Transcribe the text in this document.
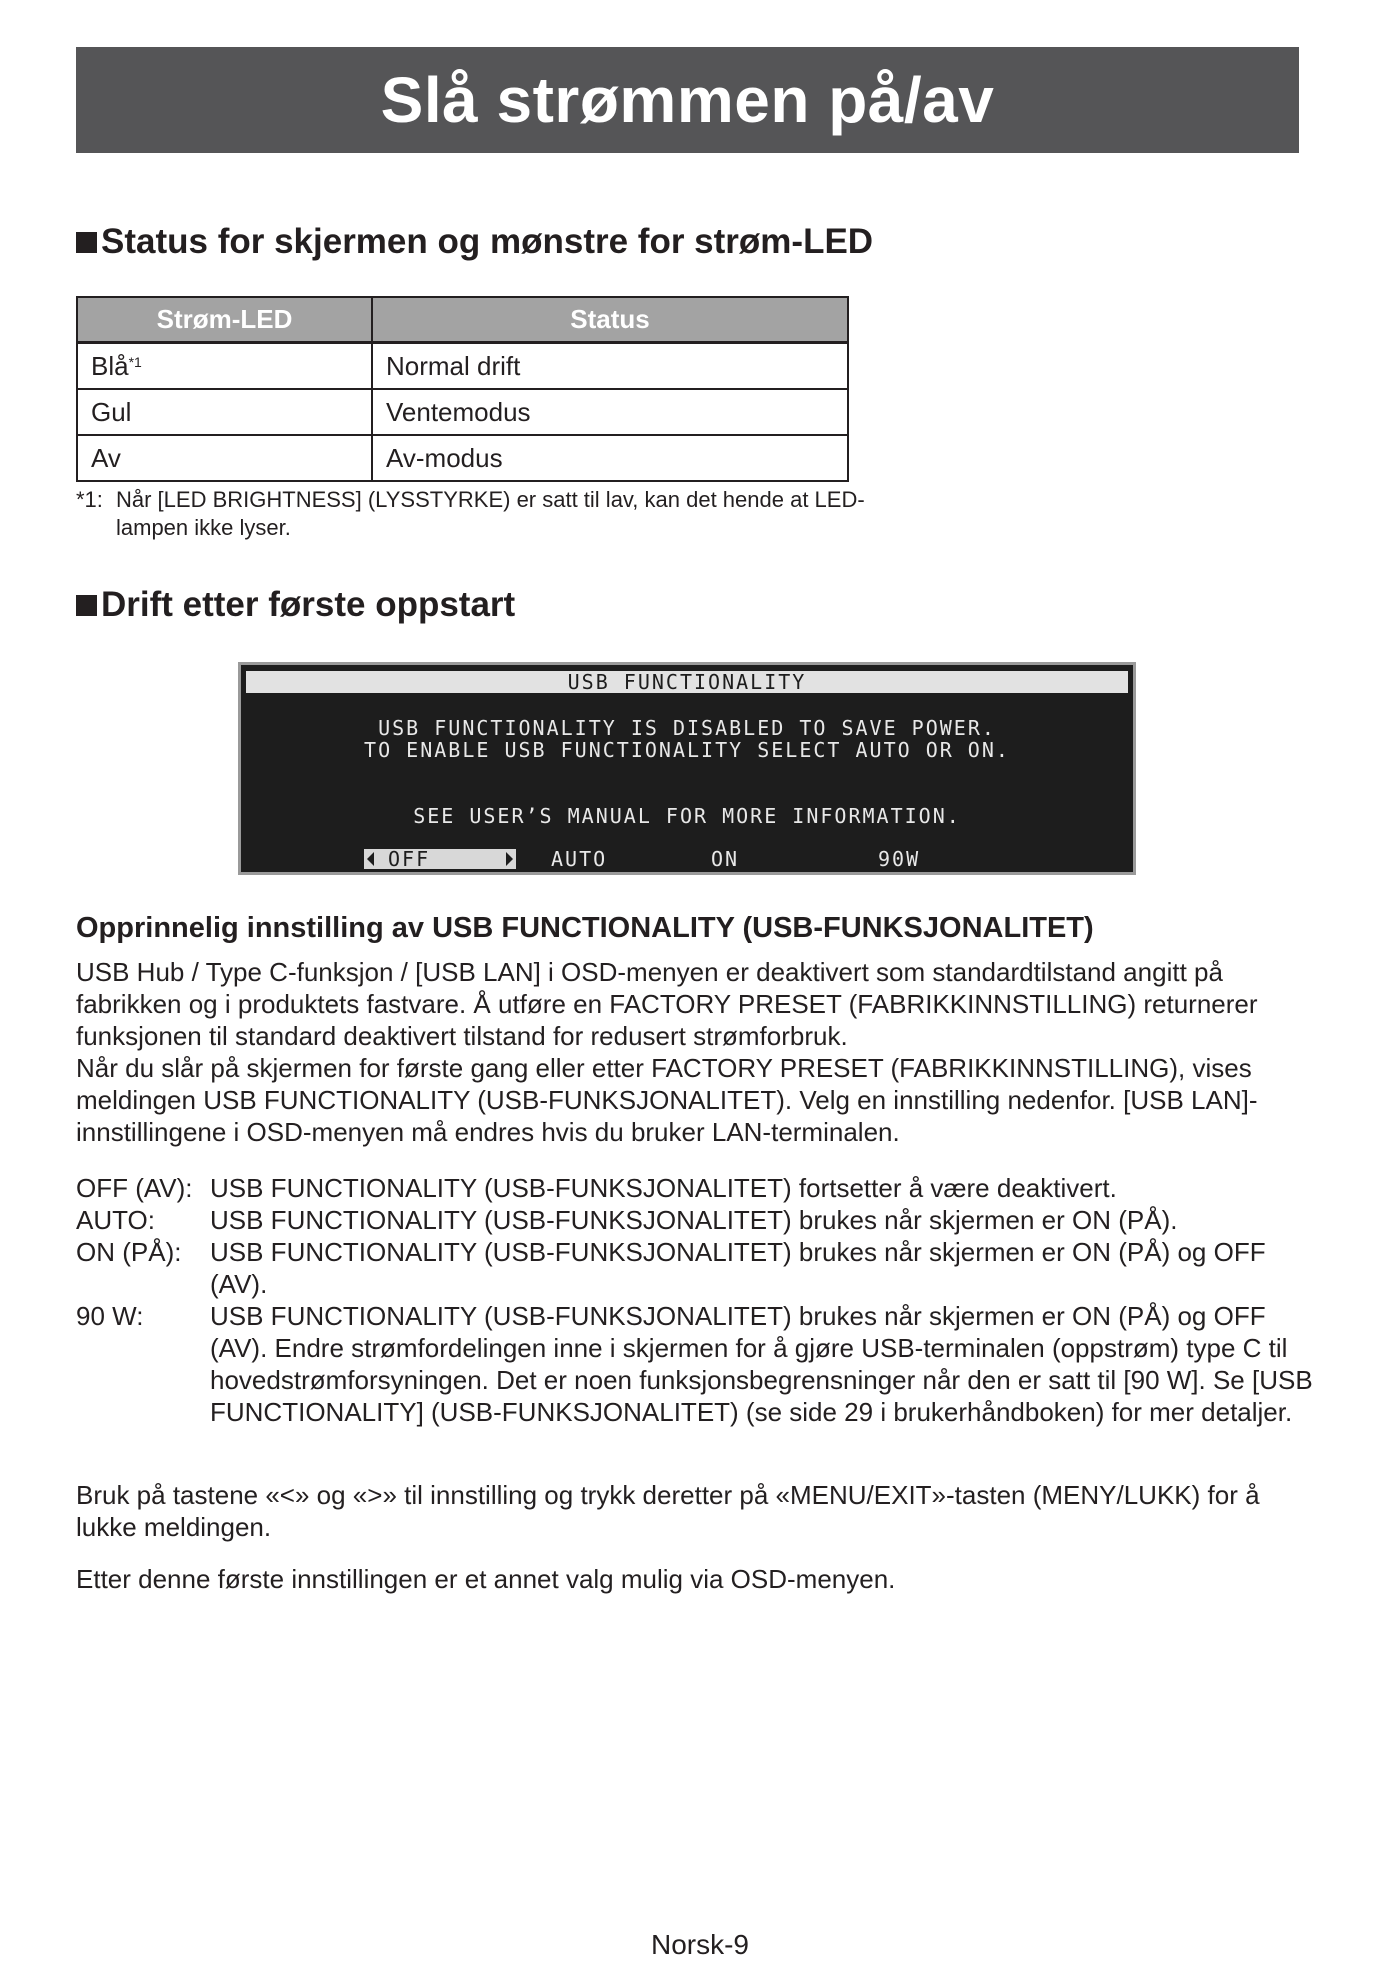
Slå strømmen på/av
Status for skjermen og mønstre for strøm-LED
Strøm-LED	Status
Blå$^{*1}$	Normal drift
Gul	Ventemodus
Av	Av-modus
*1: Når [LED BRIGHTNESS] (LYSSTYRKE) er satt til lav, kan det hende at LED-lampen ikke lyser.
Drift etter første oppstart
USB FUNCTIONALITY
USB FUNCTIONALITY IS DISABLED TO SAVE POWER.
TO ENABLE USB FUNCTIONALITY SELECT AUTO OR ON.
SEE USER’S MANUAL FOR MORE INFORMATION.
OFF	AUTO	ON	90W
Opprinnelig innstilling av USB FUNCTIONALITY (USB-FUNKSJONALITET)

USB Hub / Type C-funksjon / [USB LAN] i OSD-menyen er deaktivert som standardtilstand angitt på fabrikken og i produktets fastvare. Å utføre en FACTORY PRESET (FABRIKKINNSTILLING) returnerer funksjonen til standard deaktivert tilstand for redusert strømforbruk.

Når du slår på skjermen for første gang eller etter FACTORY PRESET (FABRIKKINNSTILLING), vises meldingen USB FUNCTIONALITY (USB-FUNKSJONALITET). Velg en innstilling nedenfor. [USB LAN]-innstillingene i OSD-menyen må endres hvis du bruker LAN-terminalen.

OFF (AV): USB FUNCTIONALITY (USB-FUNKSJONALITET) fortsetter å være deaktivert.
AUTO:	USB FUNCTIONALITY (USB-FUNKSJONALITET) brukes når skjermen er ON (PÅ).
ON (PÅ):	USB FUNCTIONALITY (USB-FUNKSJONALITET) brukes når skjermen er ON (PÅ) og OFF (AV).
90 W:	USB FUNCTIONALITY (USB-FUNKSJONALITET) brukes når skjermen er ON (PÅ) og OFF (AV). Endre strømfordelingen inne i skjermen for å gjøre USB-terminalen (oppstrøm) type C til hovedstrømforsyningen. Det er noen funksjonsbegrensninger når den er satt til [90 W]. Se [USB FUNCTIONALITY] (USB-FUNKSJONALITET) (se side 29 i brukerhåndboken) for mer detaljer.

Bruk på tastene «<» og «>» til innstilling og trykk deretter på «MENU/EXIT»-tasten (MENY/LUKK) for å lukke meldingen.

Etter denne første innstillingen er et annet valg mulig via OSD-menyen.

Norsk-9
